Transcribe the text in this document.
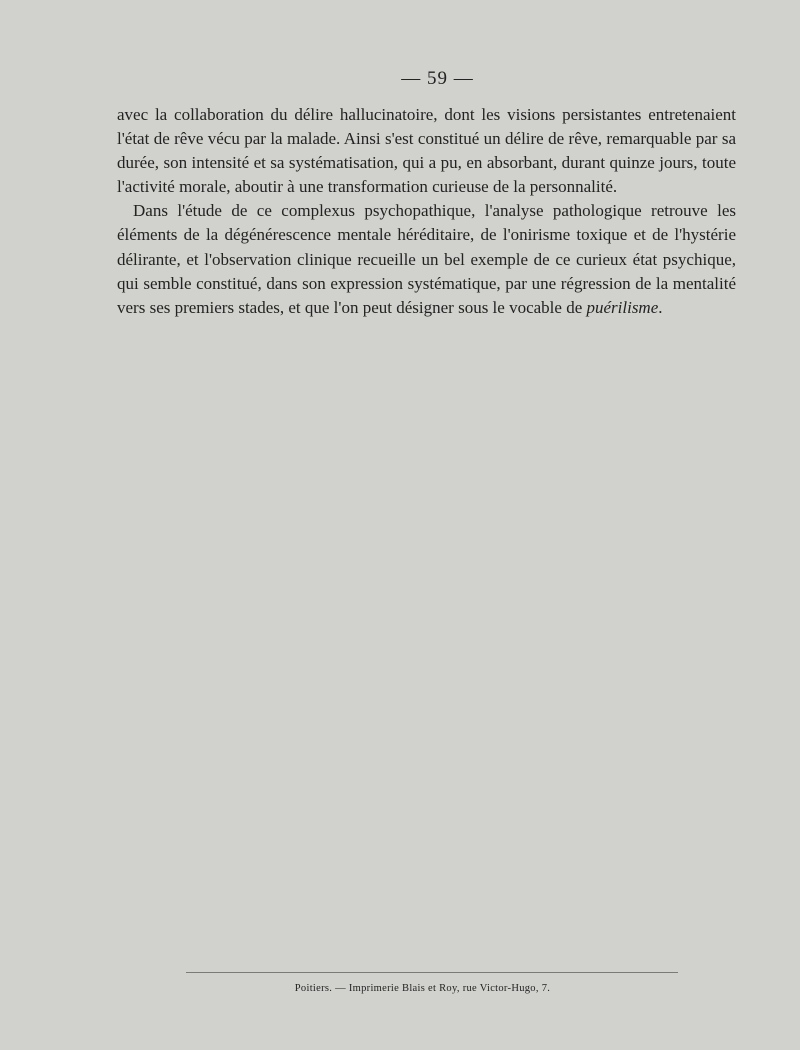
— 59 —

avec la collaboration du délire hallucinatoire, dont les visions persistantes entretenaient l'état de rêve vécu par la malade. Ainsi s'est constitué un délire de rêve, remarquable par sa durée, son intensité et sa systématisation, qui a pu, en absorbant, durant quinze jours, toute l'activité morale, aboutir à une transformation curieuse de la personnalité.

Dans l'étude de ce complexus psychopathique, l'analyse pathologique retrouve les éléments de la dégénérescence mentale héréditaire, de l'onirisme toxique et de l'hystérie délirante, et l'observation clinique recueille un bel exemple de ce curieux état psychique, qui semble constitué, dans son expression systématique, par une régression de la mentalité vers ses premiers stades, et que l'on peut désigner sous le vocable de puérilisme.

Poitiers. — Imprimerie Blais et Roy, rue Victor-Hugo, 7.
